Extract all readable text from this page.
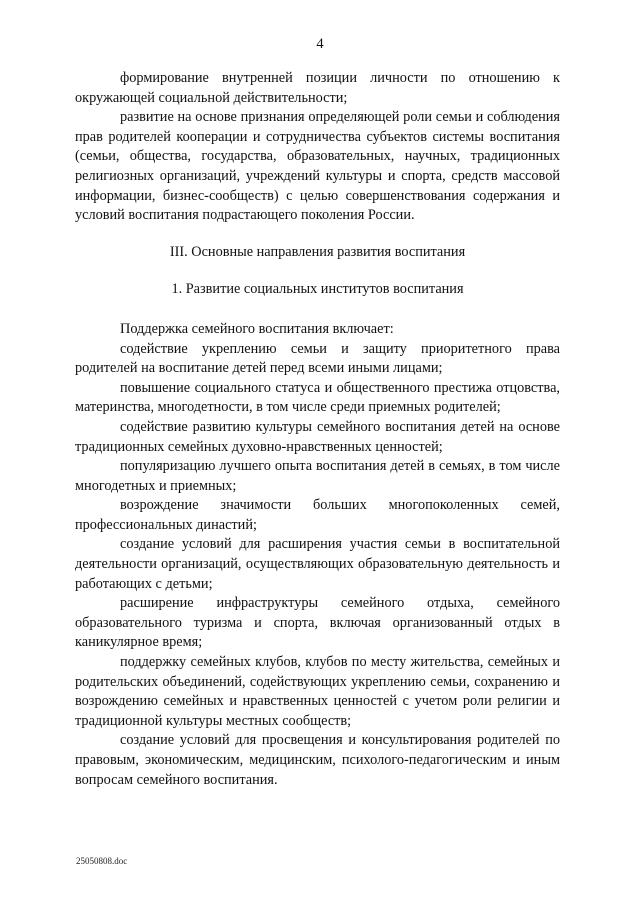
4

формирование внутренней позиции личности по отношению к окружающей социальной действительности;

развитие на основе признания определяющей роли семьи и соблюдения прав родителей кооперации и сотрудничества субъектов системы воспитания (семьи, общества, государства, образовательных, научных, традиционных религиозных организаций, учреждений культуры и спорта, средств массовой информации, бизнес-сообществ) с целью совершенствования содержания и условий воспитания подрастающего поколения России.

III. Основные направления развития воспитания

1. Развитие социальных институтов воспитания

Поддержка семейного воспитания включает:

содействие укреплению семьи и защиту приоритетного права родителей на воспитание детей перед всеми иными лицами;

повышение социального статуса и общественного престижа отцовства, материнства, многодетности, в том числе среди приемных родителей;

содействие развитию культуры семейного воспитания детей на основе традиционных семейных духовно-нравственных ценностей;

популяризацию лучшего опыта воспитания детей в семьях, в том числе многодетных и приемных;

возрождение значимости больших многопоколенных семей, профессиональных династий;

создание условий для расширения участия семьи в воспитательной деятельности организаций, осуществляющих образовательную деятельность и работающих с детьми;

расширение инфраструктуры семейного отдыха, семейного образовательного туризма и спорта, включая организованный отдых в каникулярное время;

поддержку семейных клубов, клубов по месту жительства, семейных и родительских объединений, содействующих укреплению семьи, сохранению и возрождению семейных и нравственных ценностей с учетом роли религии и традиционной культуры местных сообществ;

создание условий для просвещения и консультирования родителей по правовым, экономическим, медицинским, психолого-педагогическим и иным вопросам семейного воспитания.

25050808.doc
